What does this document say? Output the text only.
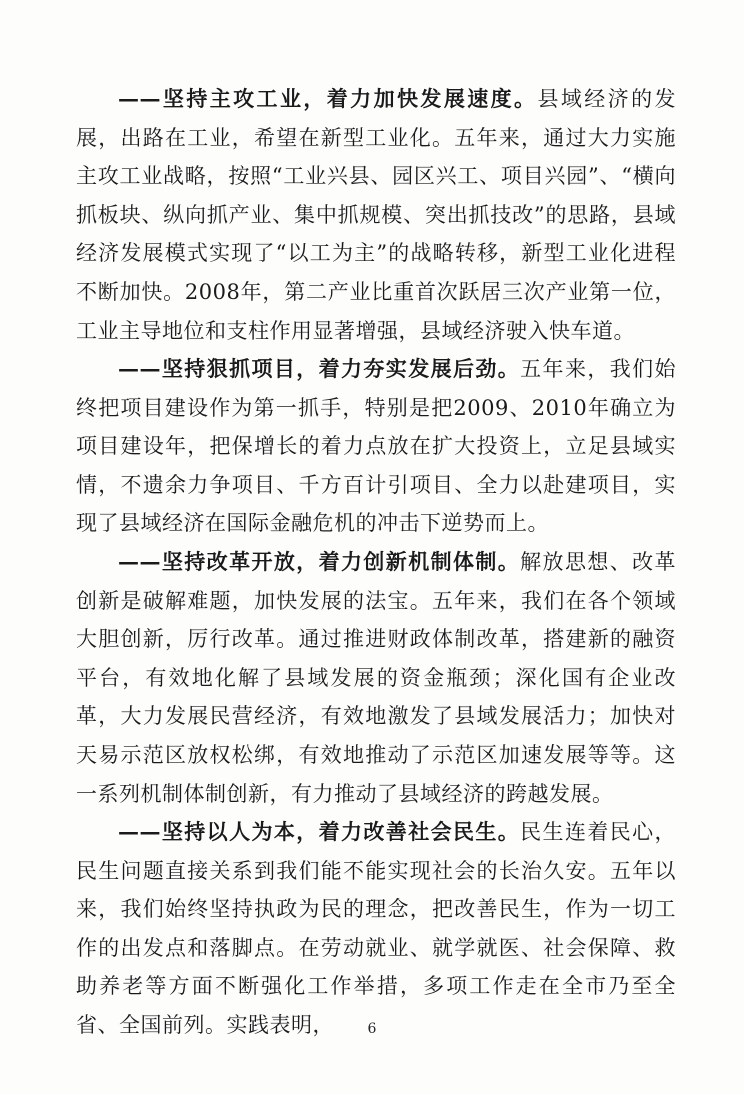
——坚持主攻工业，着力加快发展速度。县域经济的发展，出路在工业，希望在新型工业化。五年来，通过大力实施主攻工业战略，按照“工业兴县、园区兴工、项目兴园”、“横向抓板块、纵向抓产业、集中抓规模、突出抓技改”的思路，县域经济发展模式实现了“以工为主”的战略转移，新型工业化进程不断加快。2008年，第二产业比重首次跃居三次产业第一位，工业主导地位和支柱作用显著增强，县域经济驶入快车道。

——坚持狠抓项目，着力夯实发展后劲。五年来，我们始终把项目建设作为第一抓手，特别是把2009、2010年确立为项目建设年，把保增长的着力点放在扩大投资上，立足县域实情，不遗余力争项目、千方百计引项目、全力以赴建项目，实现了县域经济在国际金融危机的冲击下逆势而上。

——坚持改革开放，着力创新机制体制。解放思想、改革创新是破解难题，加快发展的法宝。五年来，我们在各个领域大胆创新，厉行改革。通过推进财政体制改革，搭建新的融资平台，有效地化解了县域发展的资金瓶颈；深化国有企业改革，大力发展民营经济，有效地激发了县域发展活力；加快对天易示范区放权松绑，有效地推动了示范区加速发展等等。这一系列机制体制创新，有力推动了县域经济的跨越发展。

——坚持以人为本，着力改善社会民生。民生连着民心，民生问题直接关系到我们能不能实现社会的长治久安。五年以来，我们始终坚持执政为民的理念，把改善民生，作为一切工作的出发点和落脚点。在劳动就业、就学就医、社会保障、救助养老等方面不断强化工作举措，多项工作走在全市乃至全省、全国前列。实践表明，	6
